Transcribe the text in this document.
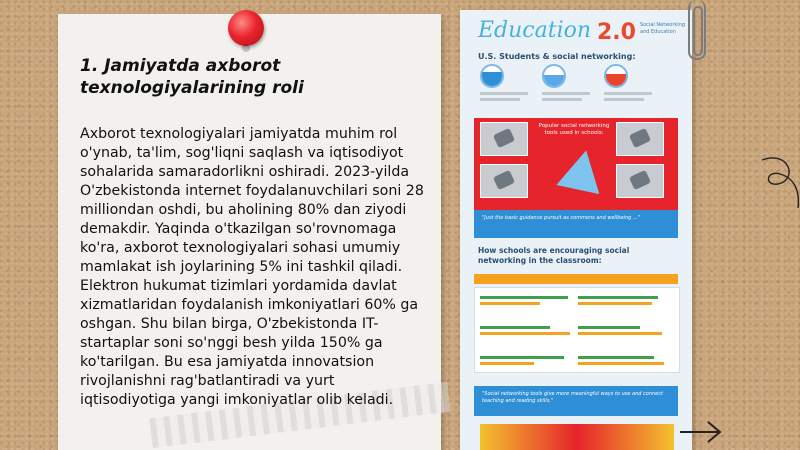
1. Jamiyatda axborot texnologiyalarining roli
Axborot texnologiyalari jamiyatda muhim rol o'ynab, ta'lim, sog'liqni saqlash va iqtisodiyot sohalarida samaradorlikni oshiradi. 2023-yilda O'zbekistonda internet foydalanuvchilari soni 28 milliondan oshdi, bu aholining 80% dan ziyodi demakdir. Yaqinda o'tkazilgan so'rovnomaga ko'ra, axborot texnologiyalari sohasi umumiy mamlakat ish joylarining 5% ini tashkil qiladi. Elektron hukumat tizimlari yordamida davlat xizmatlaridan foydalanish imkoniyatlari 60% ga oshgan. Shu bilan birga, O'zbekistonda IT-startaplar soni so'nggi besh yilda 150% ga ko'tarilgan. Bu esa jamiyatda innovatsion rivojlanishni rag'batlantiradi va yurt iqtisodiyotiga yangi imkoniyatlar olib keladi.
Education 2.0 Social Networking and Education
U.S. Students & social networking:
Popular social networking tools used in schools:
"Just the basic guidance pursuit as commons and wellbeing ..."
How schools are encouraging social networking in the classroom:
"Social networking tools give more meaningful ways to use and connect teaching and reading skills."
